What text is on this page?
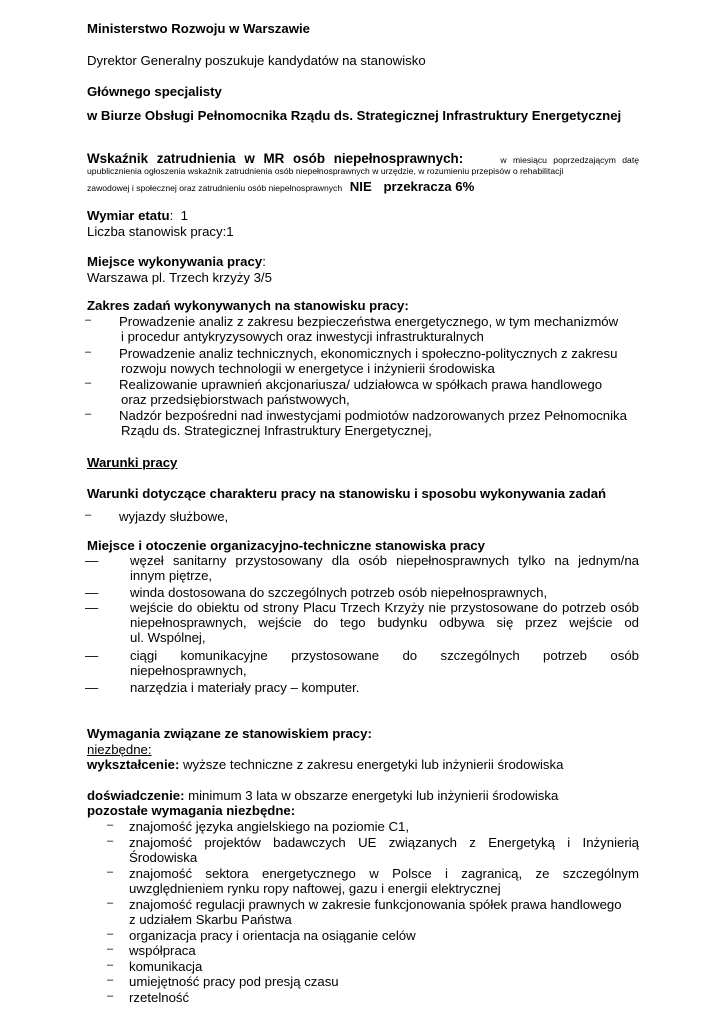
Ministerstwo Rozwoju w Warszawie
Dyrektor Generalny poszukuje kandydatów na stanowisko
Głównego specjalisty
w Biurze Obsługi Pełnomocnika Rządu ds. Strategicznej Infrastruktury Energetycznej
Wskaźnik zatrudnienia w MR osób niepełnosprawnych:	w miesiącu poprzedzającym datę
upublicznienia ogłoszenia wskaźnik zatrudnienia osób niepełnosprawnych w urzędzie, w rozumieniu przepisów o rehabilitacji
zawodowej i społecznej oraz zatrudnieniu osób niepełnosprawnych NIE przekracza 6%
Wymiar etatu:  1
Liczba stanowisk pracy:1
Miejsce wykonywania pracy:
Warszawa pl. Trzech krzyży 3/5
Zakres zadań wykonywanych na stanowisku pracy:
– Prowadzenie analiz z zakresu bezpieczeństwa energetycznego, w tym mechanizmów
i procedur antykryzysowych oraz inwestycji infrastrukturalnych
– Prowadzenie analiz technicznych, ekonomicznych i społeczno-politycznych z zakresu
rozwoju nowych technologii w energetyce i inżynierii środowiska
– Realizowanie uprawnień akcjonariusza/ udziałowca w spółkach prawa handlowego
oraz przedsiębiorstwach państwowych,
– Nadzór bezpośredni nad inwestycjami podmiotów nadzorowanych przez Pełnomocnika
Rządu ds. Strategicznej Infrastruktury Energetycznej,
Warunki pracy
Warunki dotyczące charakteru pracy na stanowisku i sposobu wykonywania zadań
– wyjazdy służbowe,
Miejsce i otoczenie organizacyjno-techniczne stanowiska pracy
— węzeł sanitarny przystosowany dla osób niepełnosprawnych tylko na jednym/na
innym piętrze,
— winda dostosowana do szczególnych potrzeb osób niepełnosprawnych,
— wejście do obiektu od strony Placu Trzech Krzyży nie przystosowane do potrzeb osób
niepełnosprawnych, wejście do tego budynku odbywa się przez wejście od
ul. Wspólnej,
— ciągi komunikacyjne przystosowane do szczególnych potrzeb osób
niepełnosprawnych,
— narzędzia i materiały pracy – komputer.
Wymagania związane ze stanowiskiem pracy:
niezbędne:
wykształcenie: wyższe techniczne z zakresu energetyki lub inżynierii środowiska
doświadczenie: minimum 3 lata w obszarze energetyki lub inżynierii środowiska
pozostałe wymagania niezbędne:
– znajomość języka angielskiego na poziomie C1,
– znajomość projektów badawczych UE związanych z Energetyką i Inżynierią
Środowiska
– znajomość sektora energetycznego w Polsce i zagranicą, ze szczególnym
uwzględnieniem rynku ropy naftowej, gazu i energii elektrycznej
– znajomość regulacji prawnych w zakresie funkcjonowania spółek prawa handlowego
z udziałem Skarbu Państwa
– organizacja pracy i orientacja na osiąganie celów
– współpraca
– komunikacja
– umiejętność pracy pod presją czasu
– rzetelność
